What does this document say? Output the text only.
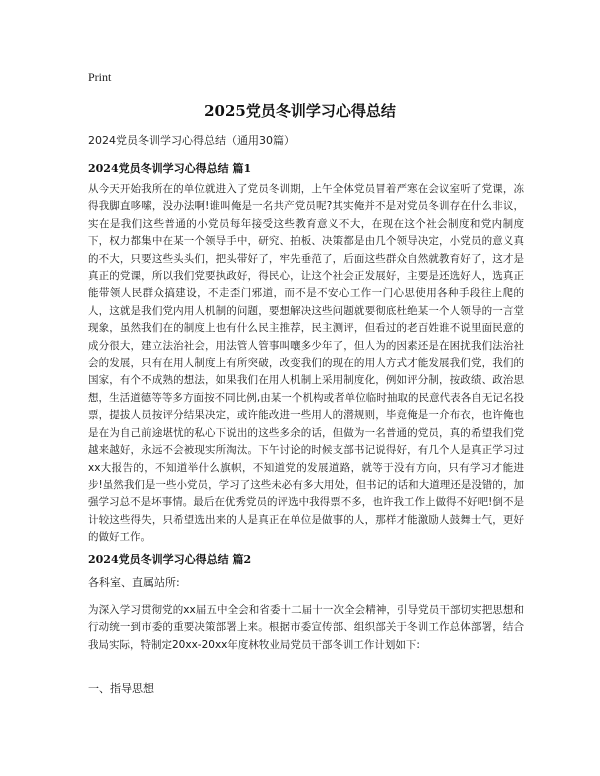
Print
2025党员冬训学习心得总结
2024党员冬训学习心得总结（通用30篇）
2024党员冬训学习心得总结 篇1

从今天开始我所在的单位就进入了党员冬训期，上午全体党员冒着严寒在会议室听了党课，冻得我脚直哆嗦，没办法啊!谁叫俺是一名共产党员呢?其实俺并不是对党员冬训存在什么非议，实在是我们这些普通的小党员每年接受这些教育意义不大，在现在这个社会制度和党内制度下，权力都集中在某一个领导手中，研究、拍板、决策都是由几个领导决定，小党员的意义真的不大，只要这些头头们，把头带好了，牢先垂范了，后面这些群众自然就教育好了，这才是真正的党课，所以我们党要执政好，得民心，让这个社会正发展好，主要是还选好人，选真正能带领人民群众搞建设，不走歪门邪道，而不是不安心工作一门心思使用各种手段往上爬的人，这就是我们党内用人机制的问题，要想解决这些问题就要彻底杜绝某一个人领导的一言堂现象，虽然我们在的制度上也有什么民主推荐，民主测评，但看过的老百姓谁不说里面民意的成分很大，建立法治社会，用法管人管事叫嚷多少年了，但人为的因素还是在困扰我们法治社会的发展，只有在用人制度上有所突破，改变我们的现在的用人方式才能发展我们党，我们的国家，有个不成熟的想法，如果我们在用人机制上采用制度化，例如评分制，按政绩、政治思想，生活道德等等多方面按不同比例,由某一个机构或者单位临时抽取的民意代表各自无记名投票，提拔人员按评分结果决定，或许能改进一些用人的潜规则，毕竟俺是一介布衣，也许俺也是在为自己前途堪忧的私心下说出的这些多余的话，但做为一名普通的党员，真的希望我们党越来越好，永远不会被现实所淘汰。下午讨论的时候支部书记说得好，有几个人是真正学习过xx大报告的，不知道举什么旗帜，不知道党的发展道路，就等于没有方向，只有学习才能进步!虽然我们是一些小党员，学习了这些未必有多大用处，但书记的话和大道理还是没错的，加强学习总不是坏事情。最后在优秀党员的评选中我得票不多，也许我工作上做得不好吧!倒不是计较这些得失，只希望选出来的人是真正在单位是做事的人，那样才能激励人鼓舞士气，更好的做好工作。

2024党员冬训学习心得总结 篇2
各科室、直属站所:

为深入学习贯彻党的xx届五中全会和省委十二届十一次全会精神，引导党员干部切实把思想和行动统一到市委的重要决策部署上来。根据市委宣传部、组织部关于冬训工作总体部署，结合我局实际，特制定20xx-20xx年度林牧业局党员干部冬训工作计划如下:

一、指导思想
